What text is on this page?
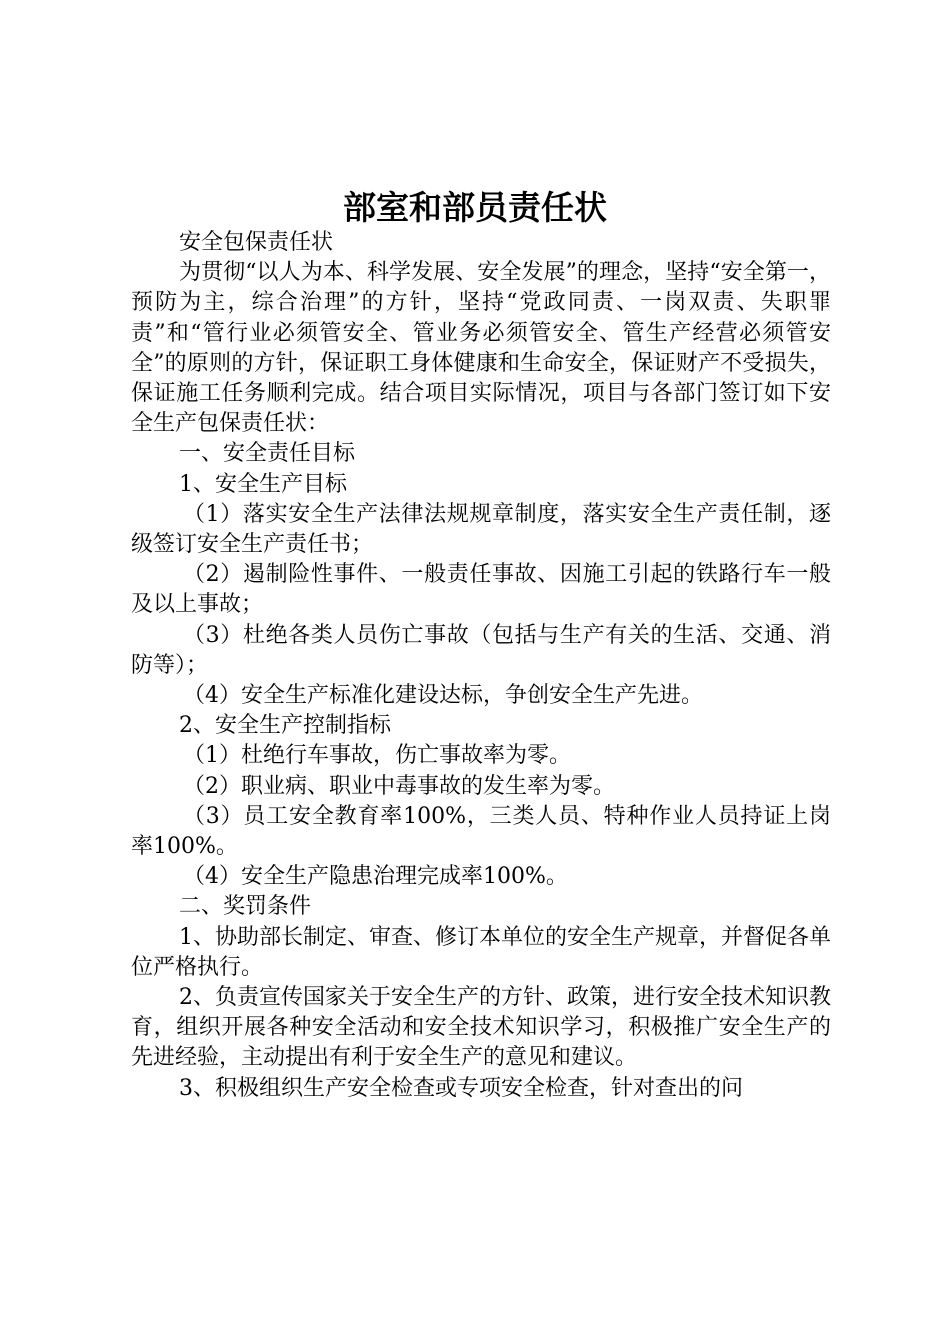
部室和部员责任状

安全包保责任状

为贯彻“以人为本、科学发展、安全发展”的理念，坚持“安全第一，预防为主，综合治理”的方针，坚持“党政同责、一岗双责、失职罪责”和“管行业必须管安全、管业务必须管安全、管生产经营必须管安全”的原则的方针，保证职工身体健康和生命安全，保证财产不受损失，保证施工任务顺利完成。结合项目实际情况，项目与各部门签订如下安全生产包保责任状：

一、安全责任目标

1、安全生产目标

（1）落实安全生产法律法规规章制度，落实安全生产责任制，逐级签订安全生产责任书；

（2）遏制险性事件、一般责任事故、因施工引起的铁路行车一般及以上事故；

（3）杜绝各类人员伤亡事故（包括与生产有关的生活、交通、消防等）；

（4）安全生产标准化建设达标，争创安全生产先进。

2、安全生产控制指标

（1）杜绝行车事故，伤亡事故率为零。

（2）职业病、职业中毒事故的发生率为零。

（3）员工安全教育率100%，三类人员、特种作业人员持证上岗率100%。

（4）安全生产隐患治理完成率100%。

二、奖罚条件

1、协助部长制定、审查、修订本单位的安全生产规章，并督促各单位严格执行。

2、负责宣传国家关于安全生产的方针、政策，进行安全技术知识教育，组织开展各种安全活动和安全技术知识学习，积极推广安全生产的先进经验，主动提出有利于安全生产的意见和建议。

3、积极组织生产安全检查或专项安全检查，针对查出的问
